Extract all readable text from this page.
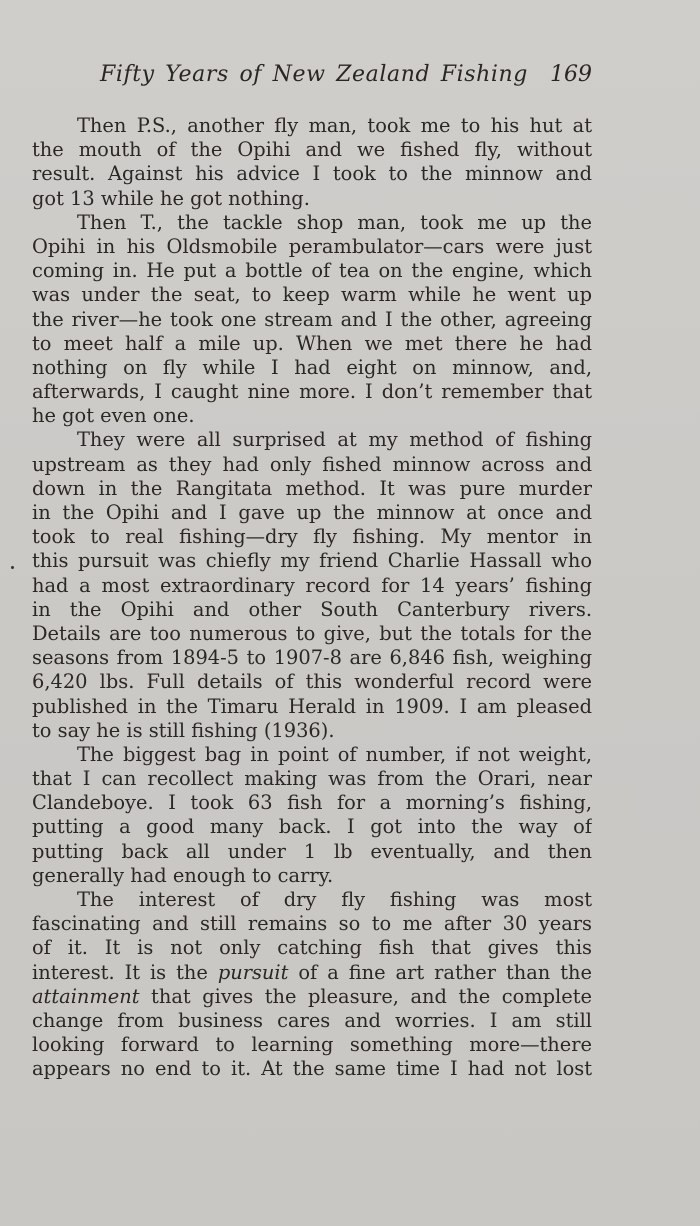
Fifty Years of New Zealand Fishing 169
Then P.S., another fly man, took me to his hut at
the mouth of the Opihi and we fished fly, without
result. Against his advice I took to the minnow and
got 13 while he got nothing.
Then T., the tackle shop man, took me up the
Opihi in his Oldsmobile perambulator—cars were just
coming in. He put a bottle of tea on the engine, which
was under the seat, to keep warm while he went up
the river—he took one stream and I the other, agreeing
to meet half a mile up. When we met there he had
nothing on fly while I had eight on minnow, and,
afterwards, I caught nine more. I don’t remember that
he got even one.
They were all surprised at my method of fishing
upstream as they had only fished minnow across and
down in the Rangitata method. It was pure murder
in the Opihi and I gave up the minnow at once and
took to real fishing—dry fly fishing. My mentor in
this pursuit was chiefly my friend Charlie Hassall who
had a most extraordinary record for 14 years’ fishing
in the Opihi and other South Canterbury rivers.
Details are too numerous to give, but the totals for the
seasons from 1894-5 to 1907-8 are 6,846 fish, weighing
6,420 lbs. Full details of this wonderful record were
published in the Timaru Herald in 1909. I am pleased
to say he is still fishing (1936).
The biggest bag in point of number, if not weight,
that I can recollect making was from the Orari, near
Clandeboye. I took 63 fish for a morning’s fishing,
putting a good many back. I got into the way of
putting back all under 1 lb eventually, and then
generally had enough to carry.
The interest of dry fly fishing was most
fascinating and still remains so to me after 30 years
of it. It is not only catching fish that gives this
interest. It is the pursuit of a fine art rather than the
attainment that gives the pleasure, and the complete
change from business cares and worries. I am still
looking forward to learning something more—there
appears no end to it. At the same time I had not lost
